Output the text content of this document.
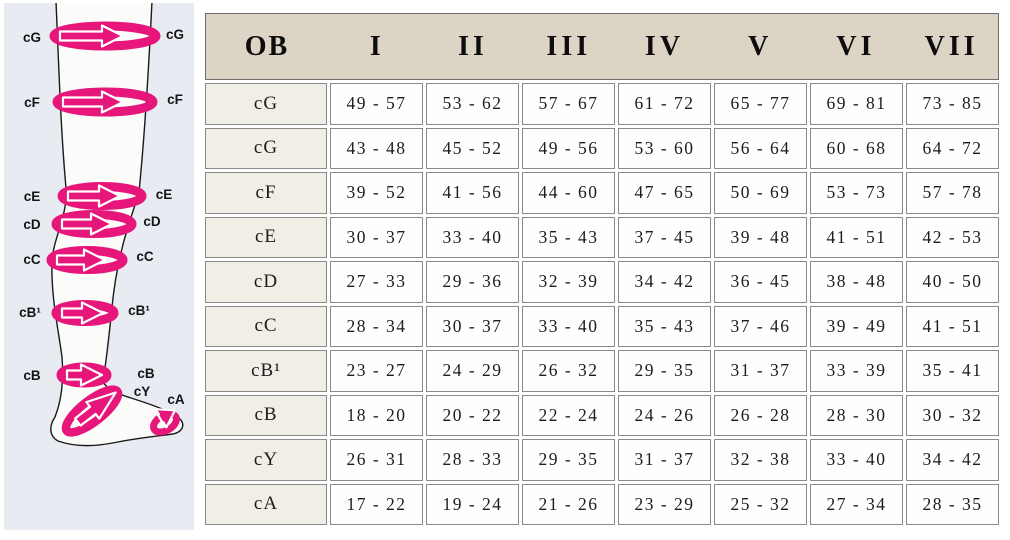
cG	cG
cF	cF
cE	cE
cD	cD
cC	cC
cB¹	cB¹
cB	cB
cY
cA
OB	I	II	III	IV	V	VI	VII
cG	49 - 57	53 - 62	57 - 67	61 - 72	65 - 77	69 - 81	73 - 85
cG	43 - 48	45 - 52	49 - 56	53 - 60	56 - 64	60 - 68	64 - 72
cF	39 - 52	41 - 56	44 - 60	47 - 65	50 - 69	53 - 73	57 - 78
cE	30 - 37	33 - 40	35 - 43	37 - 45	39 - 48	41 - 51	42 - 53
cD	27 - 33	29 - 36	32 - 39	34 - 42	36 - 45	38 - 48	40 - 50
cC	28 - 34	30 - 37	33 - 40	35 - 43	37 - 46	39 - 49	41 - 51
cB¹	23 - 27	24 - 29	26 - 32	29 - 35	31 - 37	33 - 39	35 - 41
cB	18 - 20	20 - 22	22 - 24	24 - 26	26 - 28	28 - 30	30 - 32
cY	26 - 31	28 - 33	29 - 35	31 - 37	32 - 38	33 - 40	34 - 42
cA	17 - 22	19 - 24	21 - 26	23 - 29	25 - 32	27 - 34	28 - 35
